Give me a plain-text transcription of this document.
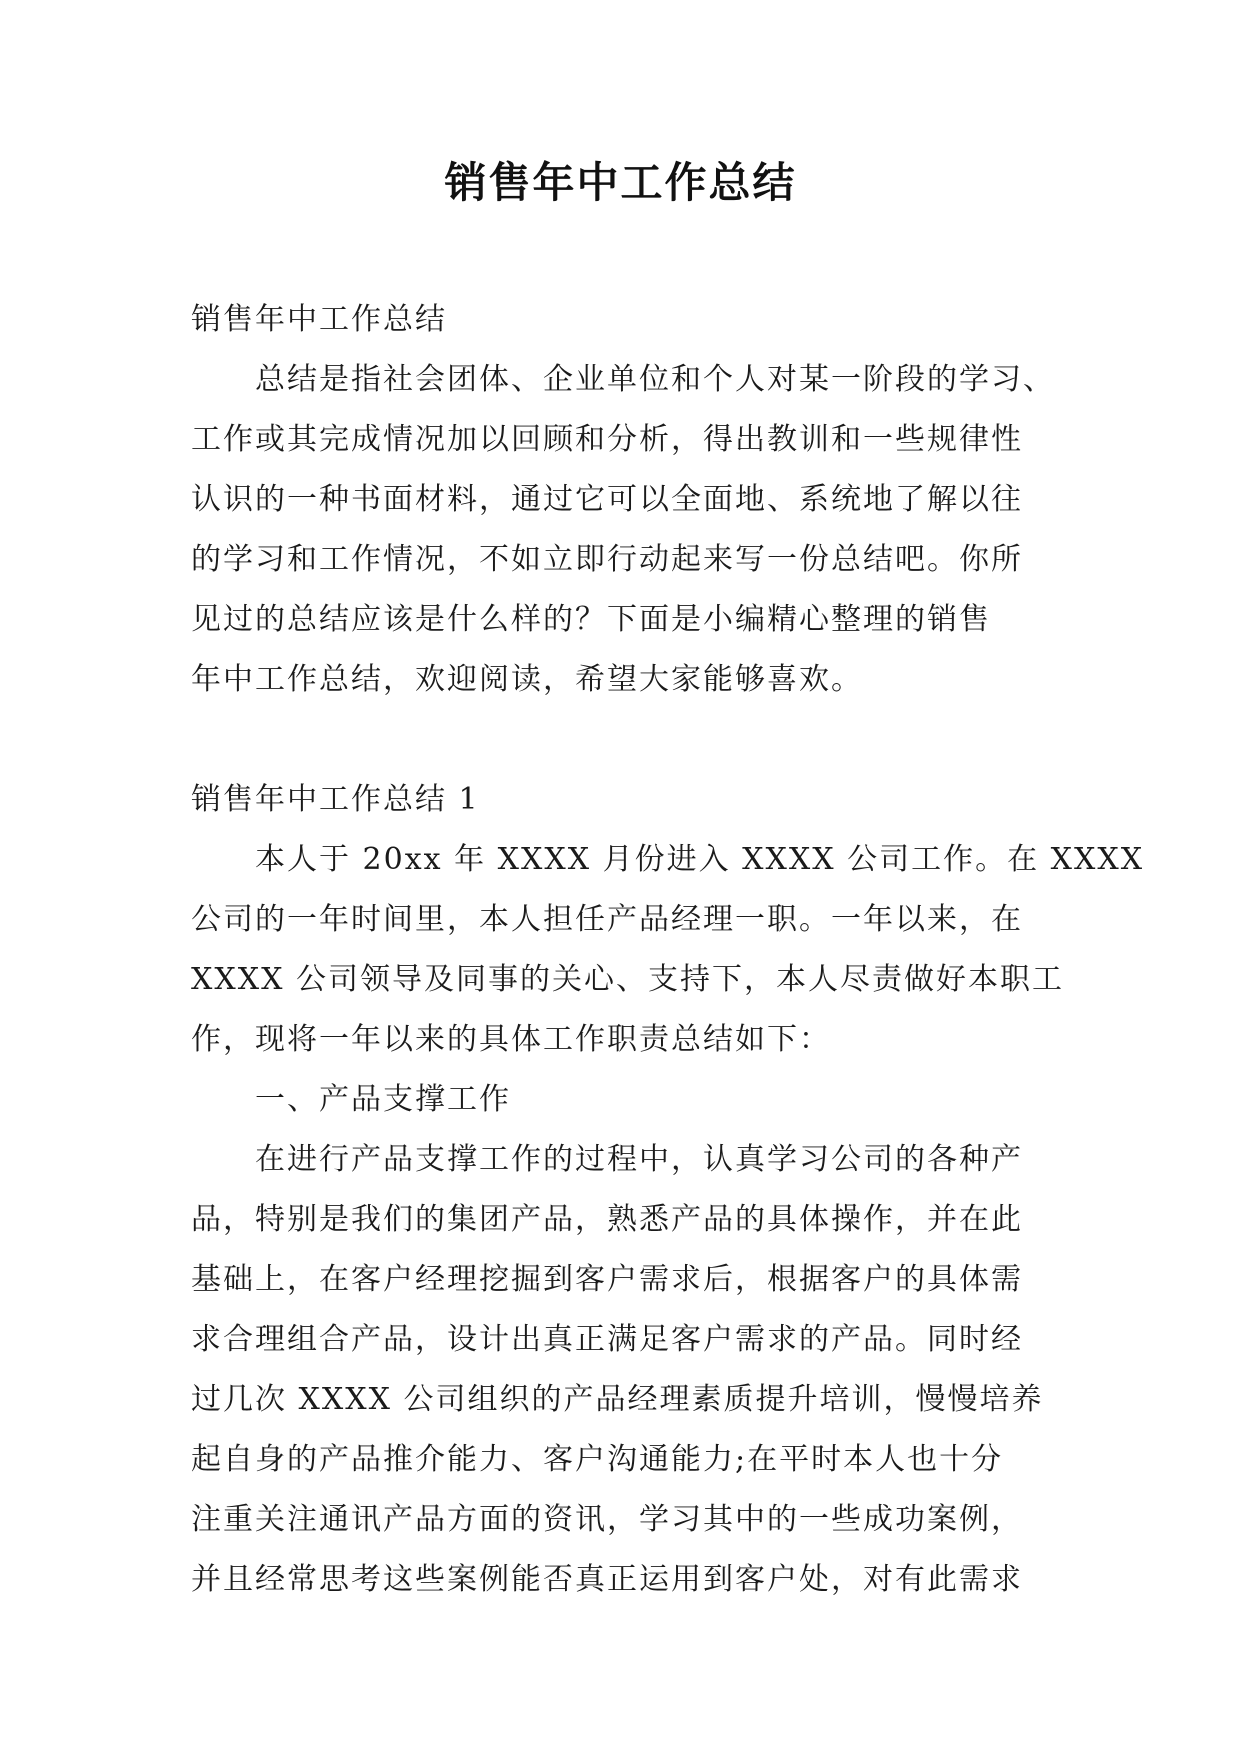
销售年中工作总结
销售年中工作总结
总结是指社会团体、企业单位和个人对某一阶段的学习、
工作或其完成情况加以回顾和分析，得出教训和一些规律性
认识的一种书面材料，通过它可以全面地、系统地了解以往
的学习和工作情况，不如立即行动起来写一份总结吧。你所
见过的总结应该是什么样的？下面是小编精心整理的销售
年中工作总结，欢迎阅读，希望大家能够喜欢。
销售年中工作总结 1
本人于 20xx 年 XXXX 月份进入 XXXX 公司工作。在 XXXX
公司的一年时间里，本人担任产品经理一职。一年以来，在
XXXX 公司领导及同事的关心、支持下，本人尽责做好本职工
作，现将一年以来的具体工作职责总结如下：
一、产品支撑工作
在进行产品支撑工作的过程中，认真学习公司的各种产
品，特别是我们的集团产品，熟悉产品的具体操作，并在此
基础上，在客户经理挖掘到客户需求后，根据客户的具体需
求合理组合产品，设计出真正满足客户需求的产品。同时经
过几次 XXXX 公司组织的产品经理素质提升培训，慢慢培养
起自身的产品推介能力、客户沟通能力;在平时本人也十分
注重关注通讯产品方面的资讯，学习其中的一些成功案例，
并且经常思考这些案例能否真正运用到客户处，对有此需求
